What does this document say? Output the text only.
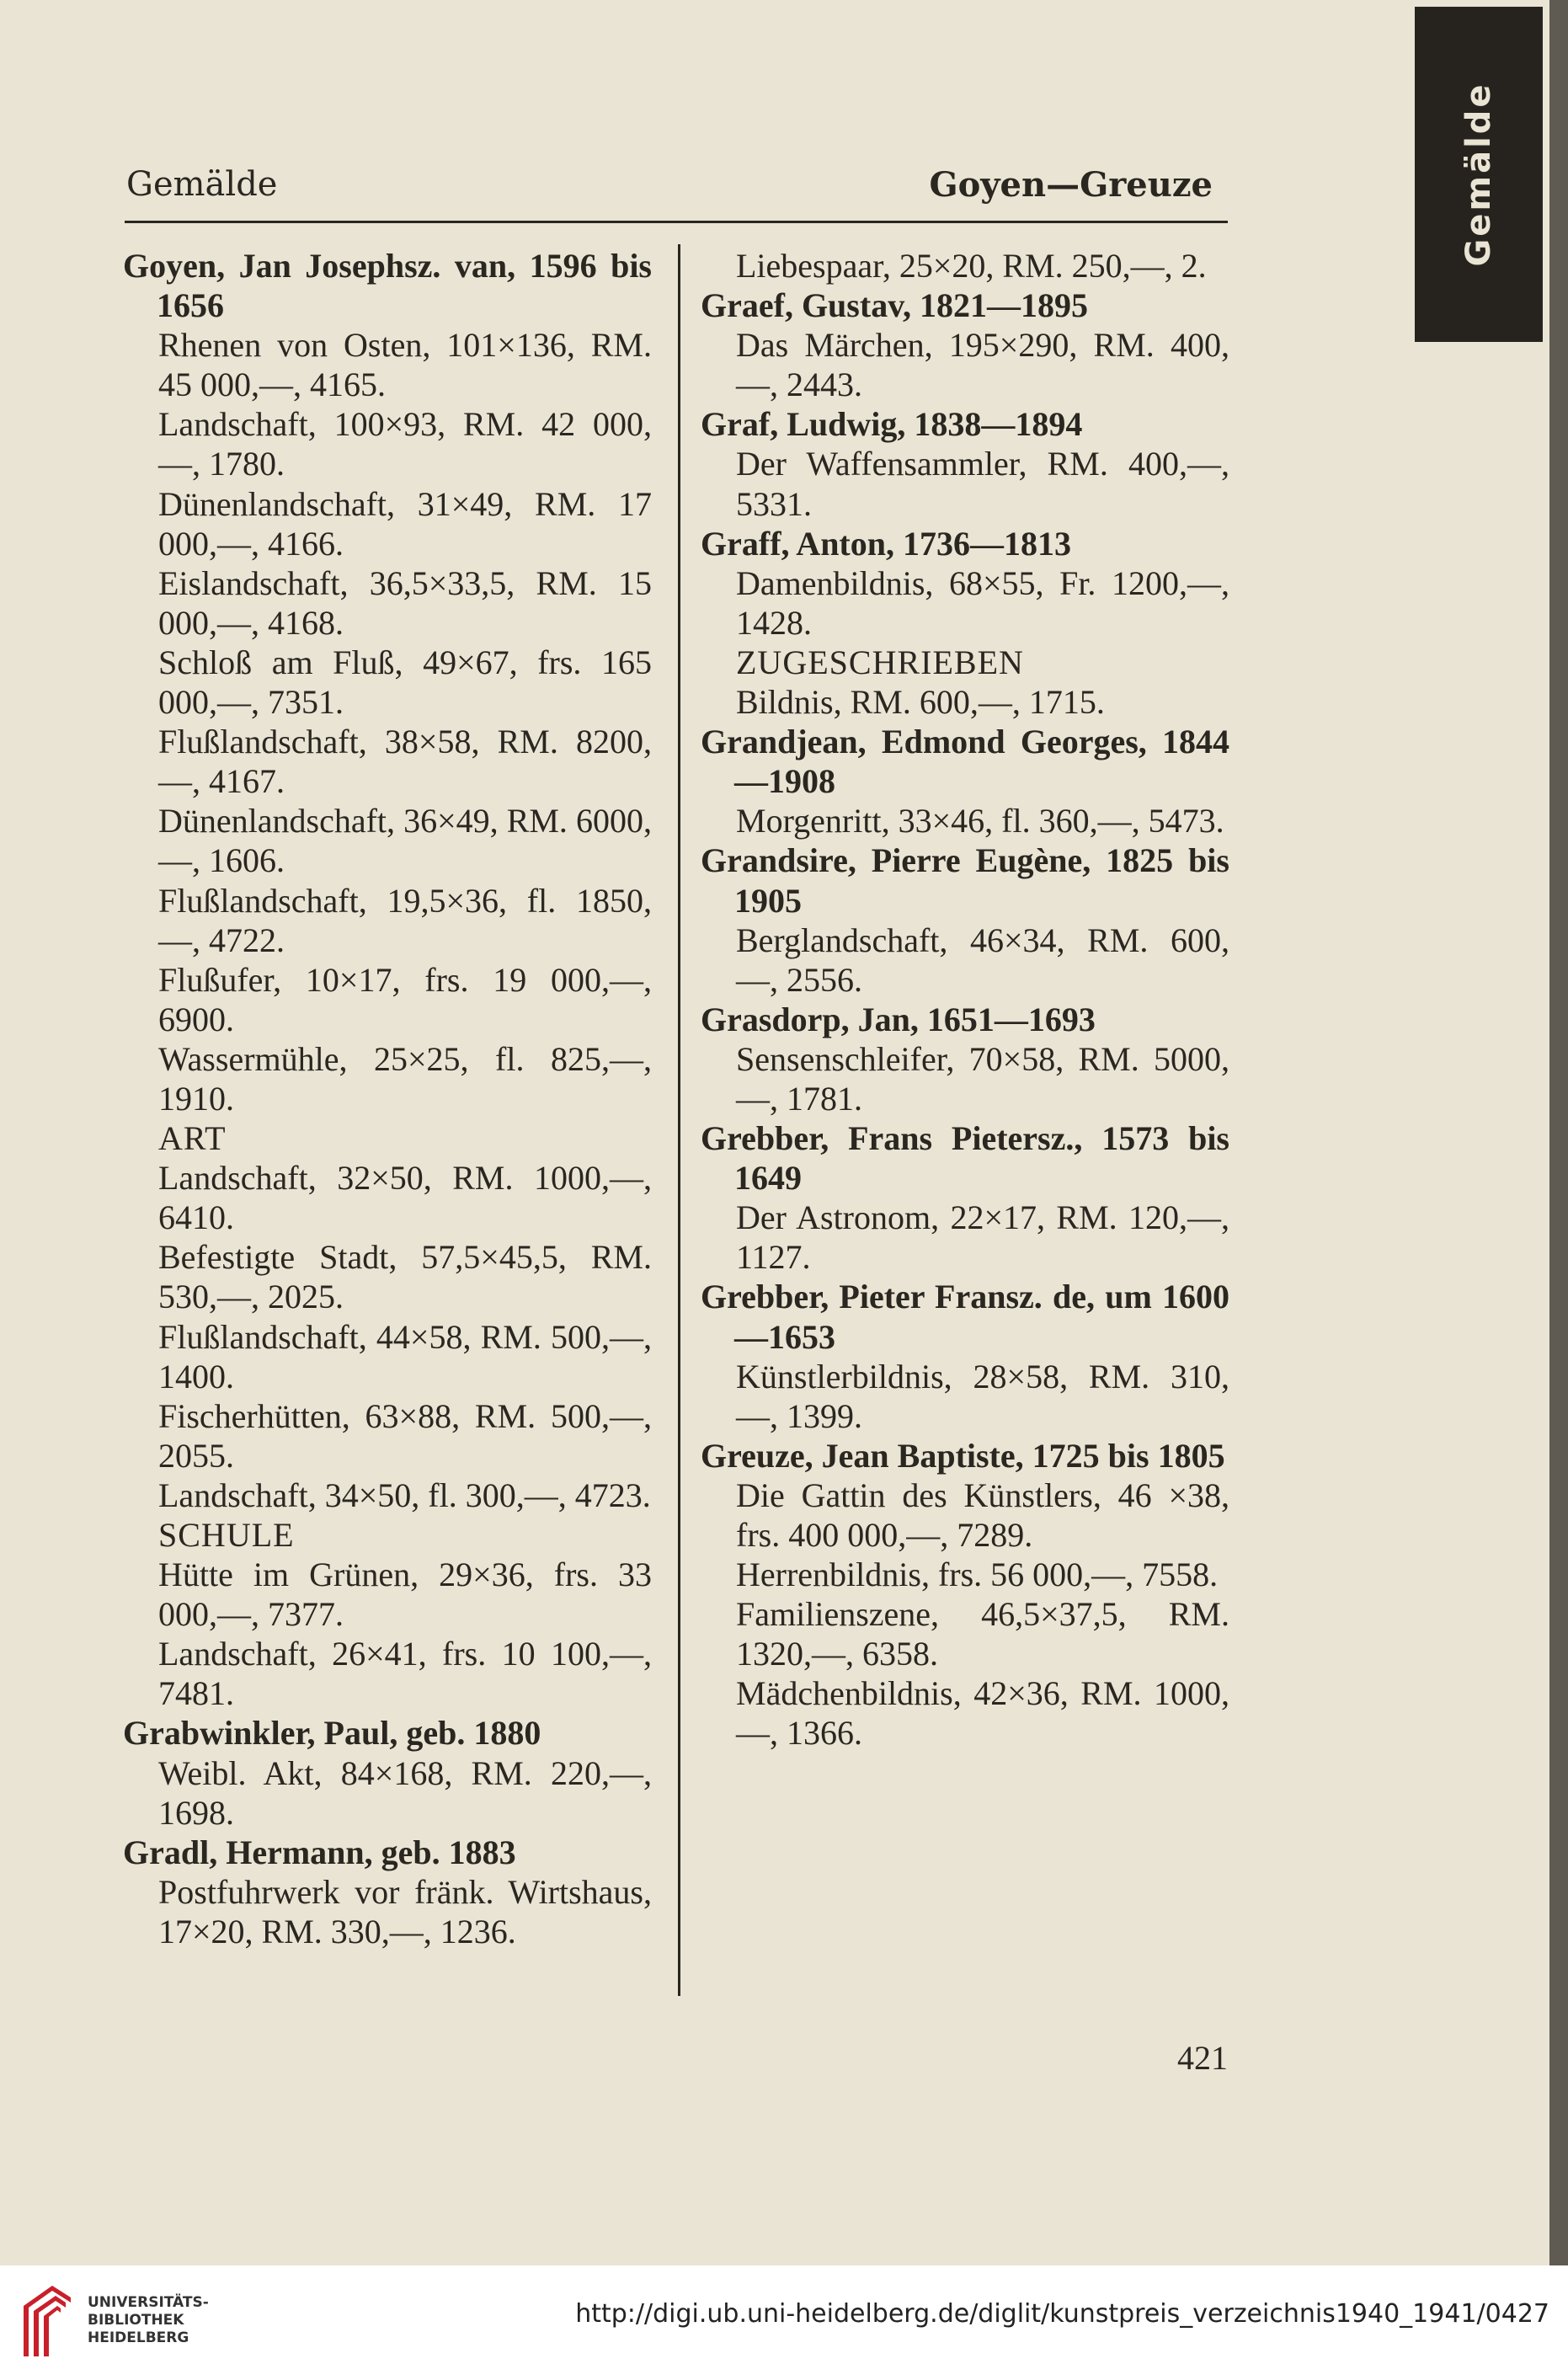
Gemälde
Gemälde	Goyen—Greuze
Goyen, Jan Josephsz. van, 1596 bis 1656
Rhenen von Osten, 101×136, RM. 45 000,—, 4165.
Landschaft, 100×93, RM. 42 000,—, 1780.
Dünenlandschaft, 31×49, RM. 17 000,—, 4166.
Eislandschaft, 36,5×33,5, RM. 15 000,—, 4168.
Schloß am Fluß, 49×67, frs. 165 000,—, 7351.
Flußlandschaft, 38×58, RM. 8200,—, 4167.
Dünenlandschaft, 36×49, RM. 6000,—, 1606.
Flußlandschaft, 19,5×36, fl. 1850,—, 4722.
Flußufer, 10×17, frs. 19 000,—, 6900.
Wassermühle, 25×25, fl. 825,—, 1910.
ART
Landschaft, 32×50, RM. 1000,—, 6410.
Befestigte Stadt, 57,5×45,5, RM. 530,—, 2025.
Flußlandschaft, 44×58, RM. 500,—, 1400.
Fischerhütten, 63×88, RM. 500,—, 2055.
Landschaft, 34×50, fl. 300,—, 4723.
SCHULE
Hütte im Grünen, 29×36, frs. 33 000,—, 7377.
Landschaft, 26×41, frs. 10 100,—, 7481.
Grabwinkler, Paul, geb. 1880
Weibl. Akt, 84×168, RM. 220,—, 1698.
Gradl, Hermann, geb. 1883
Postfuhrwerk vor fränk. Wirtshaus, 17×20, RM. 330,—, 1236.
Liebespaar, 25×20, RM. 250,—, 2.
Graef, Gustav, 1821—1895
Das Märchen, 195×290, RM. 400,—, 2443.
Graf, Ludwig, 1838—1894
Der Waffensammler, RM. 400,—, 5331.
Graff, Anton, 1736—1813
Damenbildnis, 68×55, Fr. 1200,—, 1428.
ZUGESCHRIEBEN
Bildnis, RM. 600,—, 1715.
Grandjean, Edmond Georges, 1844—1908
Morgenritt, 33×46, fl. 360,—, 5473.
Grandsire, Pierre Eugène, 1825 bis 1905
Berglandschaft, 46×34, RM. 600,—, 2556.
Grasdorp, Jan, 1651—1693
Sensenschleifer, 70×58, RM. 5000,—, 1781.
Grebber, Frans Pietersz., 1573 bis 1649
Der Astronom, 22×17, RM. 120,—, 1127.
Grebber, Pieter Fransz. de, um 1600—1653
Künstlerbildnis, 28×58, RM. 310,—, 1399.
Greuze, Jean Baptiste, 1725 bis 1805
Die Gattin des Künstlers, 46 ×38, frs. 400 000,—, 7289.
Herrenbildnis, frs. 56 000,—, 7558.
Familienszene, 46,5×37,5, RM. 1320,—, 6358.
Mädchenbildnis, 42×36, RM. 1000,—, 1366.
421
UNIVERSITÄTS-
BIBLIOTHEK
HEIDELBERG
http://digi.ub.uni-heidelberg.de/diglit/kunstpreis_verzeichnis1940_1941/0427
